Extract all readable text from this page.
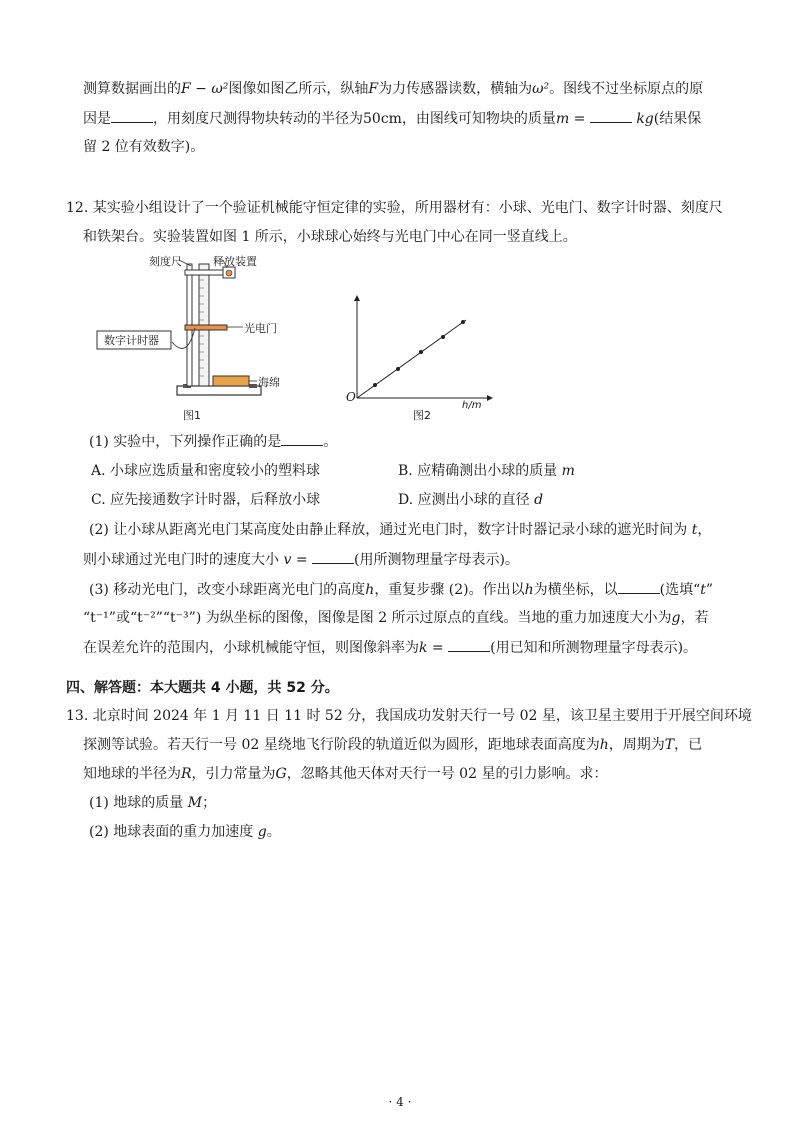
测算数据画出的F − ω²图像如图乙所示，纵轴F为力传感器读数，横轴为ω²。图线不过坐标原点的原
因是	，用刻度尺测得物块转动的半径为50cm，由图线可知物块的质量m =	kg(结果保
留 2 位有效数字)。
12. 某实验小组设计了一个验证机械能守恒定律的实验，所用器材有：小球、光电门、数字计时器、刻度尺
和铁架台。实验装置如图 1 所示，小球球心始终与光电门中心在同一竖直线上。
刻度尺	释放装置
数字计时器
光电门
海绵
图1
O
h/m
图2
(1) 实验中，下列操作正确的是	。
A. 小球应选质量和密度较小的塑料球	B. 应精确测出小球的质量 m
C. 应先接通数字计时器，后释放小球	D. 应测出小球的直径 d
(2) 让小球从距离光电门某高度处由静止释放，通过光电门时，数字计时器记录小球的遮光时间为 t，
则小球通过光电门时的速度大小 v =	(用所测物理量字母表示)。
(3) 移动光电门，改变小球距离光电门的高度h，重复步骤 (2)。作出以h为横坐标，以	(选填“t”
“t⁻¹”或“t⁻²”“t⁻³”) 为纵坐标的图像，图像是图 2 所示过原点的直线。当地的重力加速度大小为g，若
在误差允许的范围内，小球机械能守恒，则图像斜率为k =	(用已知和所测物理量字母表示)。
四、解答题：本大题共 4 小题，共 52 分。
13. 北京时间 2024 年 1 月 11 日 11 时 52 分，我国成功发射天行一号 02 星，该卫星主要用于开展空间环境
探测等试验。若天行一号 02 星绕地飞行阶段的轨道近似为圆形，距地球表面高度为h，周期为T，已
知地球的半径为R，引力常量为G，忽略其他天体对天行一号 02 星的引力影响。求：
(1) 地球的质量 M；
(2) 地球表面的重力加速度 g。
· 4 ·
